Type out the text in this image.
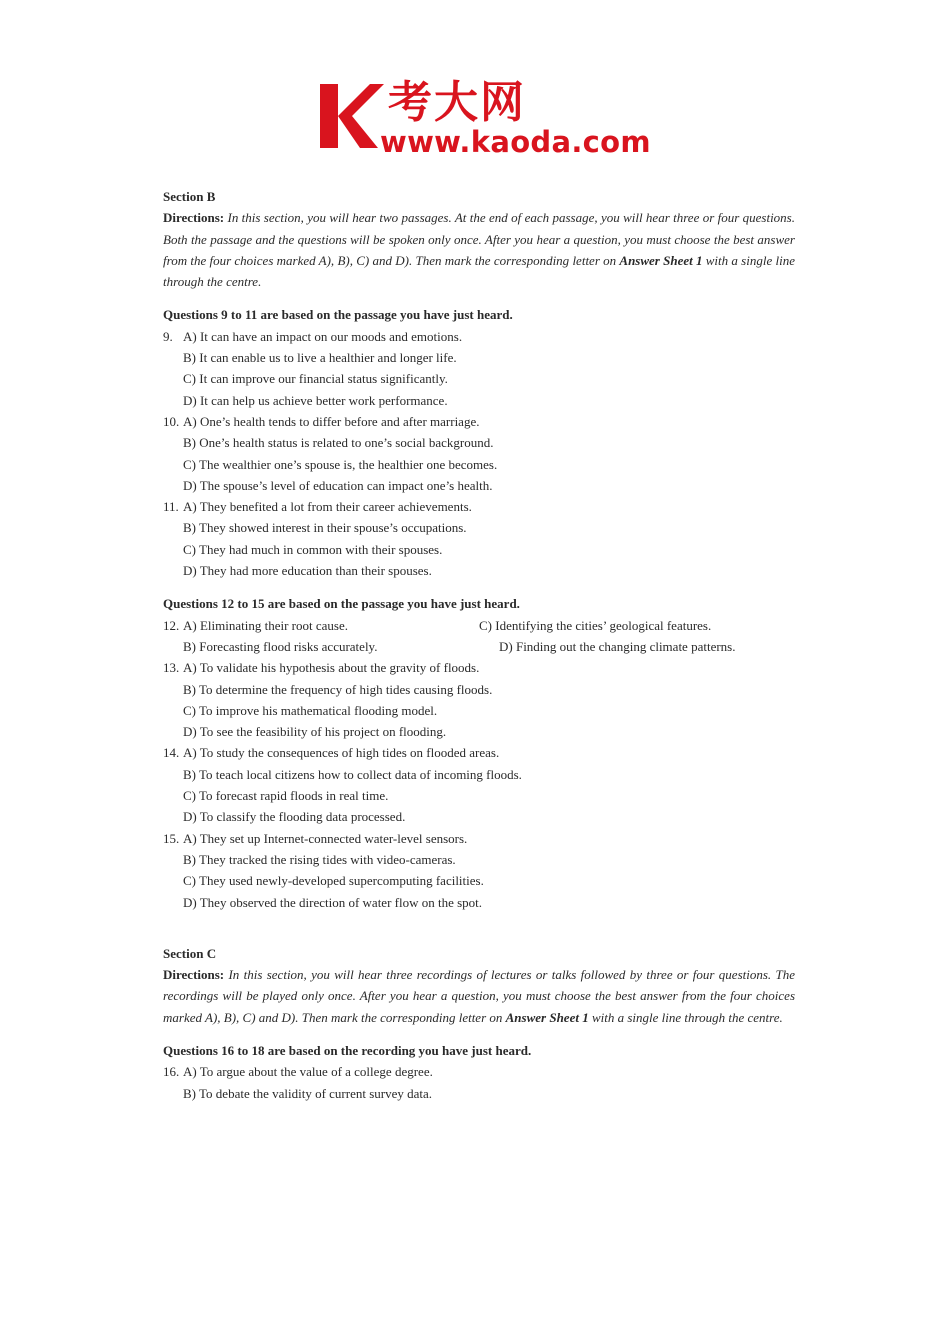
考大网
www.kaoda.com
Section B
Directions: In this section, you will hear two passages. At the end of each passage, you will hear three or four questions. Both the passage and the questions will be spoken only once. After you hear a question, you must choose the best answer from the four choices marked A), B), C) and D). Then mark the corresponding letter on Answer Sheet 1 with a single line through the centre.
Questions 9 to 11 are based on the passage you have just heard.
9. A) It can have an impact on our moods and emotions.
B) It can enable us to live a healthier and longer life.
C) It can improve our financial status significantly.
D) It can help us achieve better work performance.
10. A) One’s health tends to differ before and after marriage.
B) One’s health status is related to one’s social background.
C) The wealthier one’s spouse is, the healthier one becomes.
D) The spouse’s level of education can impact one’s health.
11. A) They benefited a lot from their career achievements.
B) They showed interest in their spouse’s occupations.
C) They had much in common with their spouses.
D) They had more education than their spouses.
Questions 12 to 15 are based on the passage you have just heard.
12. A) Eliminating their root cause.	C) Identifying the cities’ geological features.
B) Forecasting flood risks accurately.	D) Finding out the changing climate patterns.
13. A) To validate his hypothesis about the gravity of floods.
B) To determine the frequency of high tides causing floods.
C) To improve his mathematical flooding model.
D) To see the feasibility of his project on flooding.
14. A) To study the consequences of high tides on flooded areas.
B) To teach local citizens how to collect data of incoming floods.
C) To forecast rapid floods in real time.
D) To classify the flooding data processed.
15. A) They set up Internet-connected water-level sensors.
B) They tracked the rising tides with video-cameras.
C) They used newly-developed supercomputing facilities.
D) They observed the direction of water flow on the spot.
Section C
Directions: In this section, you will hear three recordings of lectures or talks followed by three or four questions. The recordings will be played only once. After you hear a question, you must choose the best answer from the four choices marked A), B), C) and D). Then mark the corresponding letter on Answer Sheet 1 with a single line through the centre.
Questions 16 to 18 are based on the recording you have just heard.
16. A) To argue about the value of a college degree.
B) To debate the validity of current survey data.
